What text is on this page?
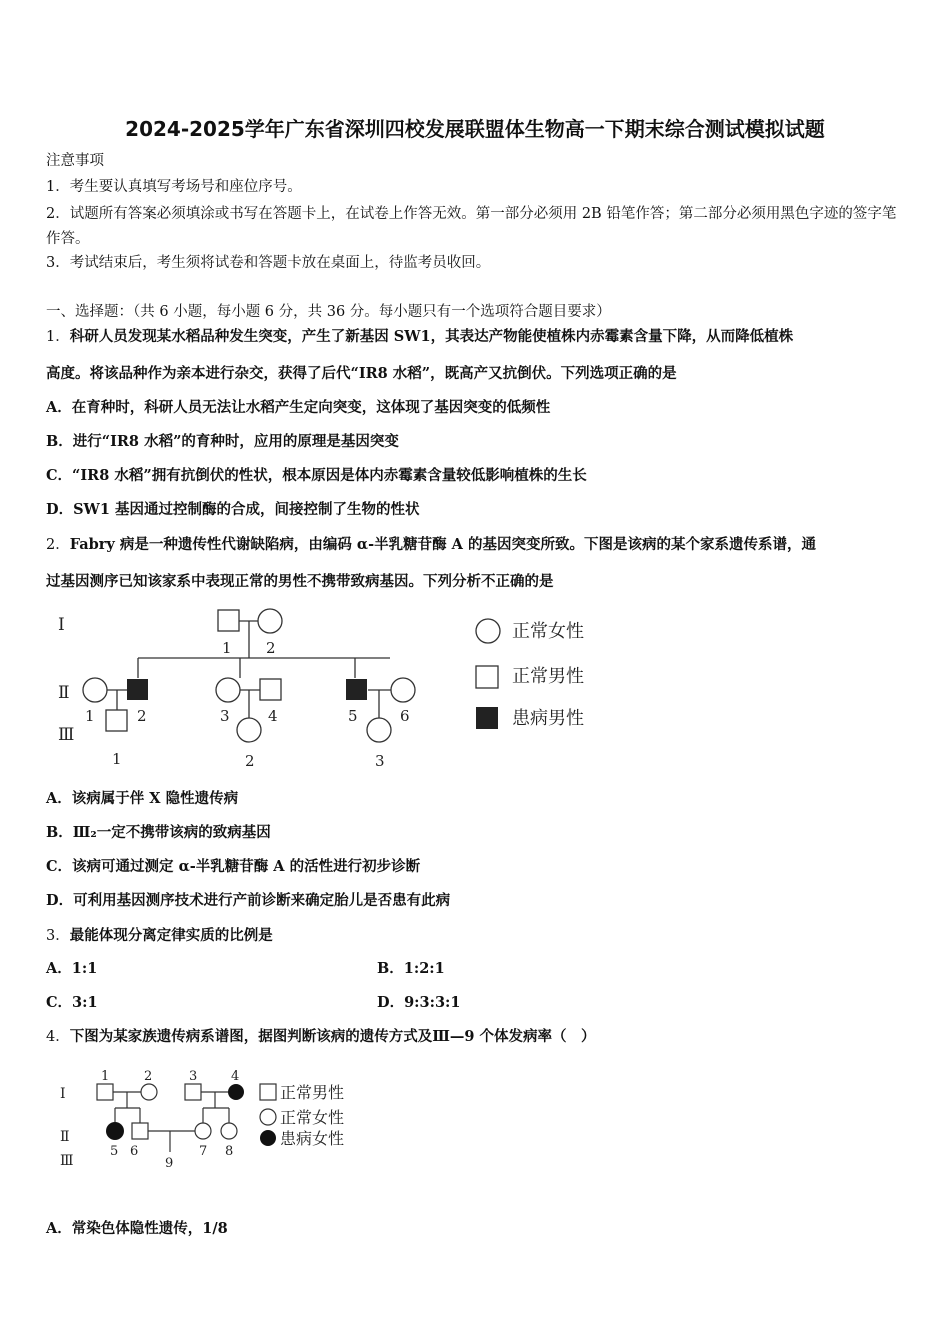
2024-2025学年广东省深圳四校发展联盟体生物高一下期末综合测试模拟试题
注意事项
1．考生要认真填写考场号和座位序号。
2．试题所有答案必须填涂或书写在答题卡上，在试卷上作答无效。第一部分必须用 2B 铅笔作答；第二部分必须用黑色字迹的签字笔作答。
3．考试结束后，考生须将试卷和答题卡放在桌面上，待监考员收回。
一、选择题：（共 6 小题，每小题 6 分，共 36 分。每小题只有一个选项符合题目要求）
1．科研人员发现某水稻品种发生突变，产生了新基因 SW1，其表达产物能使植株内赤霉素含量下降，从而降低植株
高度。将该品种作为亲本进行杂交，获得了后代“IR8 水稻”，既高产又抗倒伏。下列选项正确的是
A．在育种时，科研人员无法让水稻产生定向突变，这体现了基因突变的低频性
B．进行“IR8 水稻”的育种时，应用的原理是基因突变
C．“IR8 水稻”拥有抗倒伏的性状，根本原因是体内赤霉素含量较低影响植株的生长
D．SW1 基因通过控制酶的合成，间接控制了生物的性状
2．Fabry 病是一种遗传性代谢缺陷病，由编码 α-半乳糖苷酶 A 的基因突变所致。下图是该病的某个家系遗传系谱，通
过基因测序已知该家系中表现正常的男性不携带致病基因。下列分析不正确的是
Ⅰ
Ⅱ
Ⅲ
1 2
1	2	3	4	5	6
1	2	3
正常女性
正常男性
患病男性
A．该病属于伴 X 隐性遗传病
B．Ⅲ₂一定不携带该病的致病基因
C．该病可通过测定 α-半乳糖苷酶 A 的活性进行初步诊断
D．可利用基因测序技术进行产前诊断来确定胎儿是否患有此病
3．最能体现分离定律实质的比例是
A．1:1	B．1:2:1
C．3:1	D．9:3:3:1
4．下图为某家族遗传病系谱图，据图判断该病的遗传方式及Ⅲ—9 个体发病率（　）
Ⅰ
Ⅱ
Ⅲ
1	2	3	4
5 6	7 8
9
正常男性
正常女性
患病女性
A．常染色体隐性遗传，1/8
